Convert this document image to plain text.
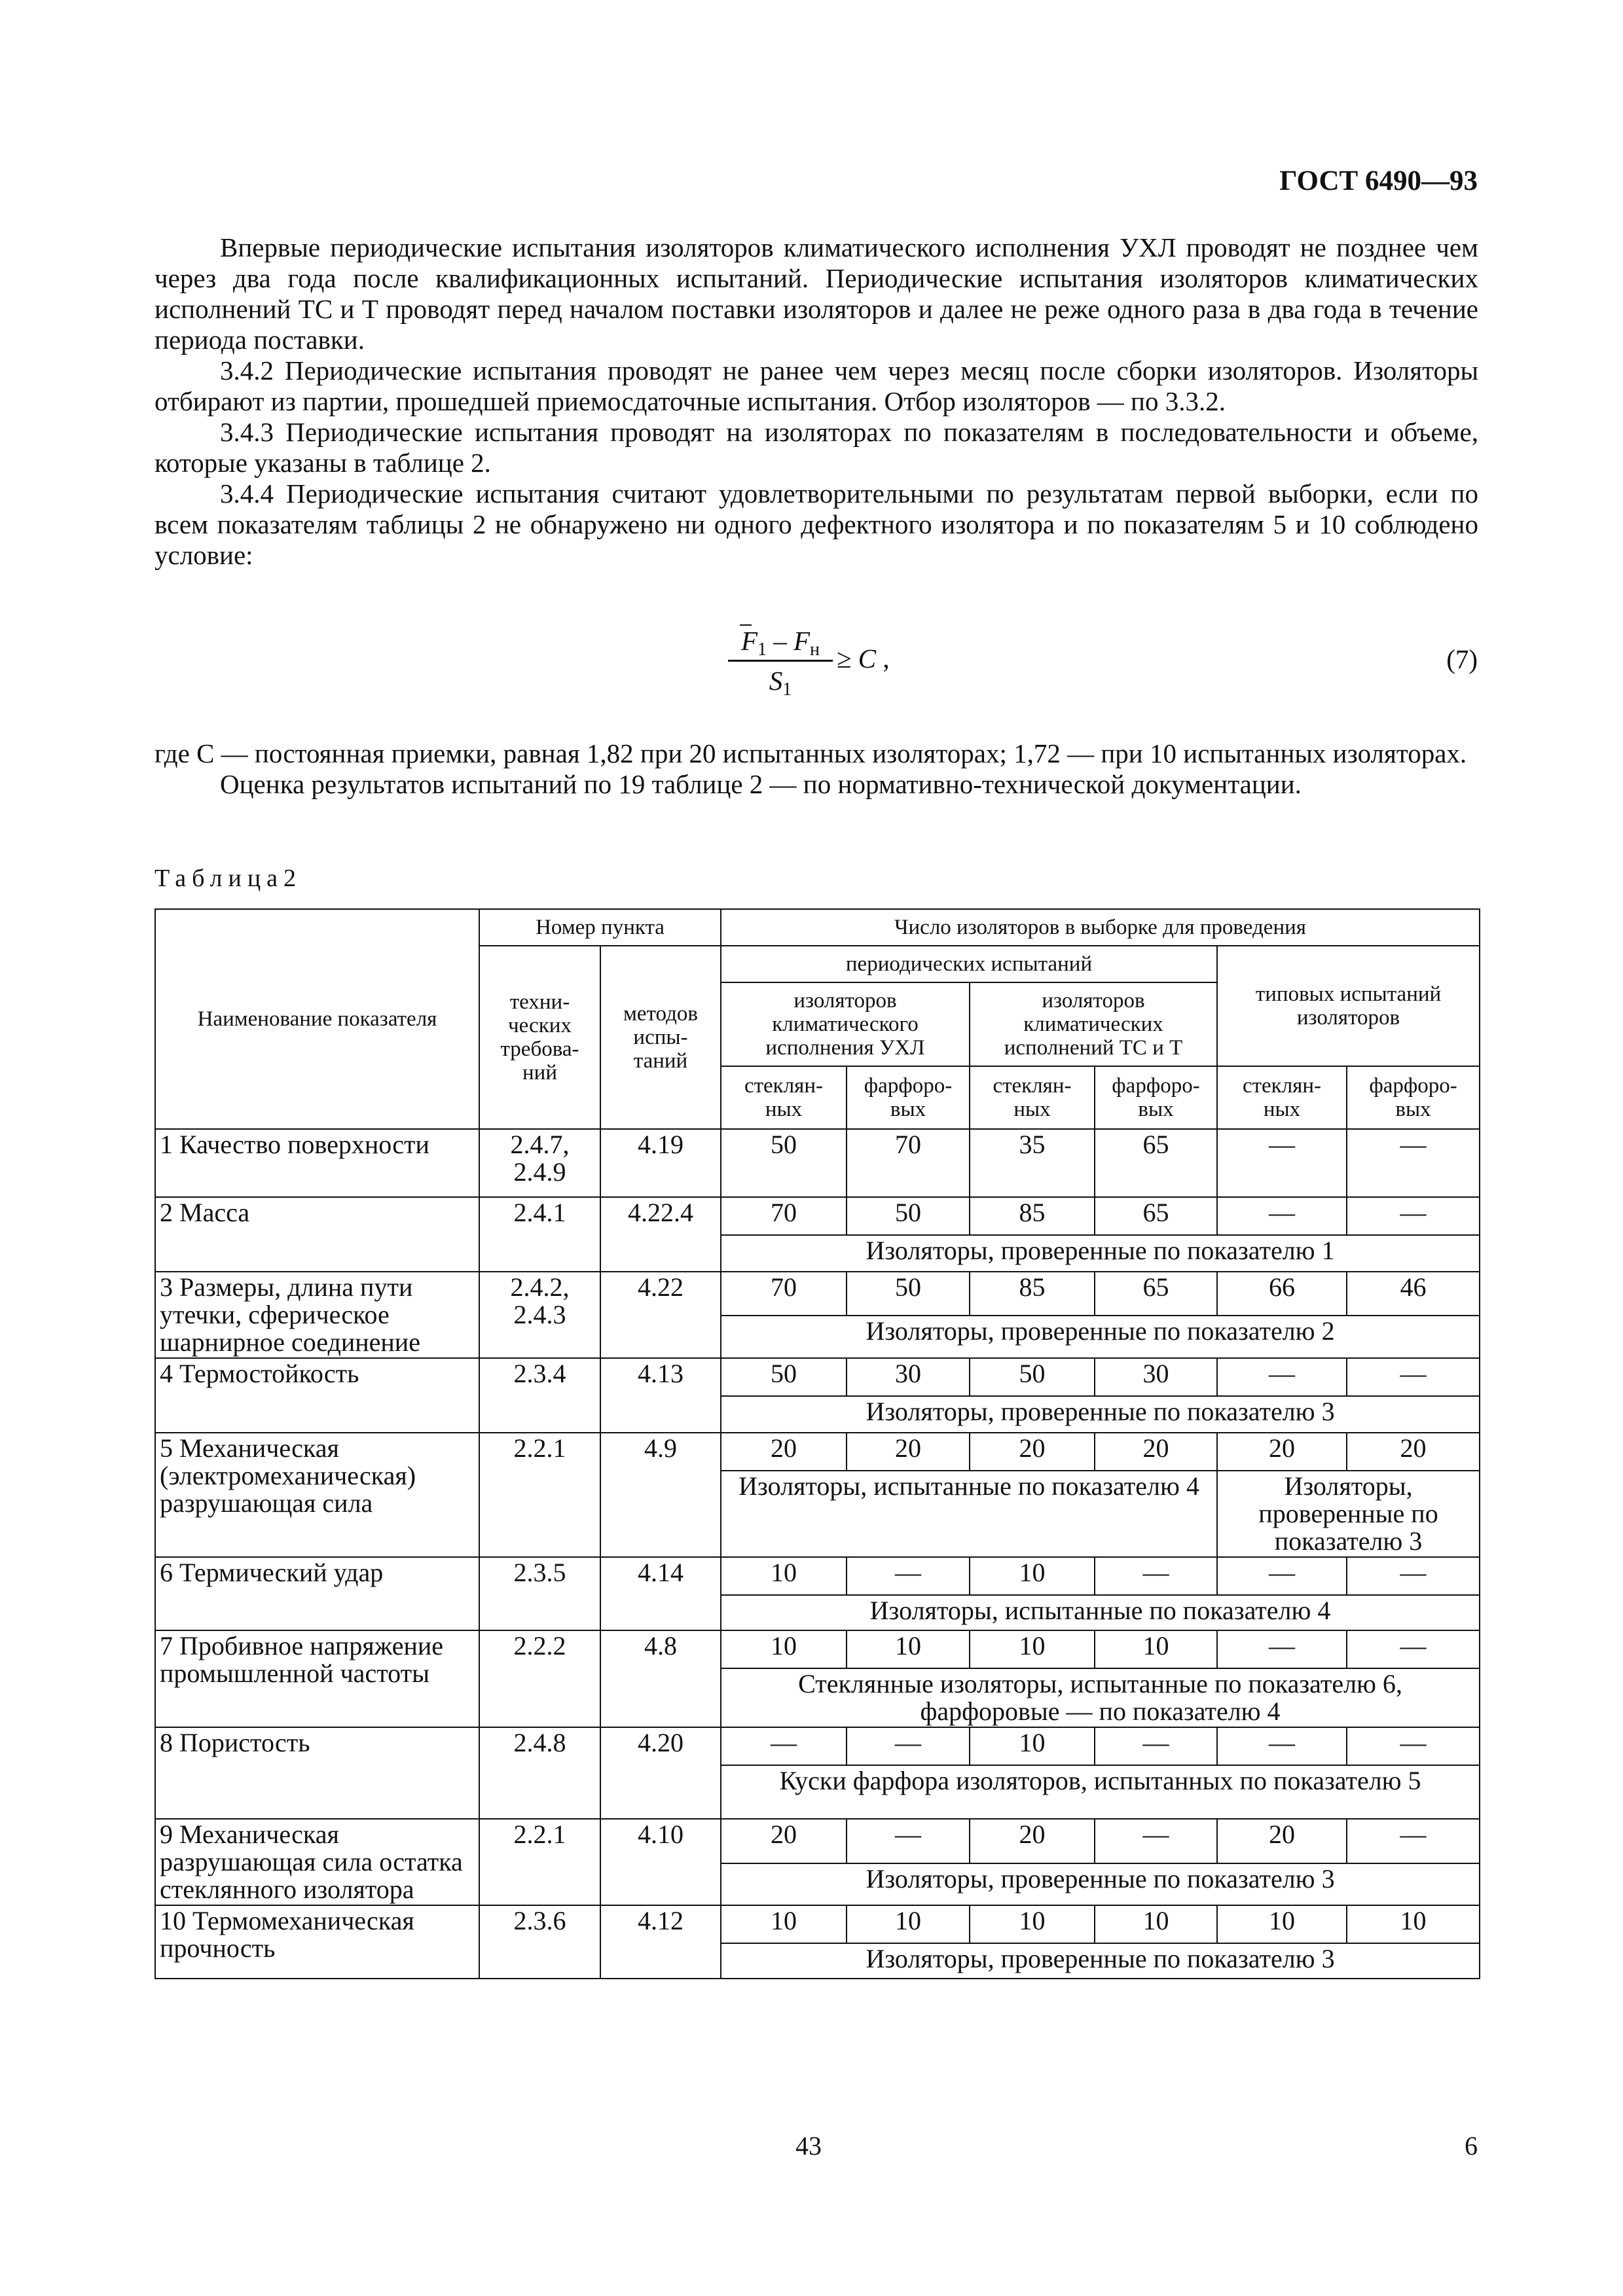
ГОСТ 6490—93

Впервые периодические испытания изоляторов климатического исполнения УХЛ проводят не позднее чем через два года после квалификационных испытаний. Периодические испытания изоляторов климатических исполнений ТС и Т проводят перед началом поставки изоляторов и далее не реже одного раза в два года в течение периода поставки.

3.4.2 Периодические испытания проводят не ранее чем через месяц после сборки изоляторов. Изоляторы отбирают из партии, прошедшей приемосдаточные испытания. Отбор изоляторов — по 3.3.2.

3.4.3 Периодические испытания проводят на изоляторах по показателям в последовательности и объеме, которые указаны в таблице 2.

3.4.4 Периодические испытания считают удовлетворительными по результатам первой выборки, если по всем показателям таблицы 2 не обнаружено ни одного дефектного изолятора и по показателям 5 и 10 соблюдено условие:

$F_1 - F_н$
$S_1$
≥ C ,	(7)

где C — постоянная приемки, равная 1,82 при 20 испытанных изоляторах; 1,72 — при 10 испытанных изоляторах.

Оценка результатов испытаний по 19 таблице 2 — по нормативно-технической документации.

Таблица2
Наименование показателя	Номер пункта		Число изоляторов в выборке для проведения					
	техни- ческих требова- ний	методов испы- таний	периодических испытаний				типовых испытаний изоляторов	
			изоляторов климатического исполнения УХЛ		изоляторов климатических исполнений ТС и Т			
			стеклян- ных	фарфоро- вых	стеклян- ных	фарфоро- вых	стеклян- ных	фарфоро- вых
1 Качество поверхности	2.4.7, 2.4.9	4.19	50	70	35	65	—	—
2 Масса	2.4.1	4.22.4	70	50	85	65	—	—
			Изоляторы, проверенные по показателю 1					
3 Размеры, длина пути утечки, сферическое шарнирное соединение	2.4.2, 2.4.3	4.22	70	50	85	65	66	46
			Изоляторы, проверенные по показателю 2					
4 Термостойкость	2.3.4	4.13	50	30	50	30	—	—
			Изоляторы, проверенные по показателю 3					
5 Механическая (электромеханическая) разрушающая сила	2.2.1	4.9	20	20	20	20	20	20
			Изоляторы, испытанные по показателю 4				Изоляторы, проверенные по показателю 3	
6 Термический удар	2.3.5	4.14	10	—	10	—	—	—
			Изоляторы, испытанные по показателю 4					
7 Пробивное напряжение промышленной частоты	2.2.2	4.8	10	10	10	10	—	—
			Стеклянные изоляторы, испытанные по показателю 6, фарфоровые — по показателю 4					
8 Пористость	2.4.8	4.20	—	—	10	—	—	—
			Куски фарфора изоляторов, испытанных по показателю 5					
9 Механическая разрушающая сила остатка стеклянного изолятора	2.2.1	4.10	20	—	20	—	20	—
			Изоляторы, проверенные по показателю 3					
10 Термомеханическая прочность	2.3.6	4.12	10	10	10	10	10	10
			Изоляторы, проверенные по показателю 3					
43	6
